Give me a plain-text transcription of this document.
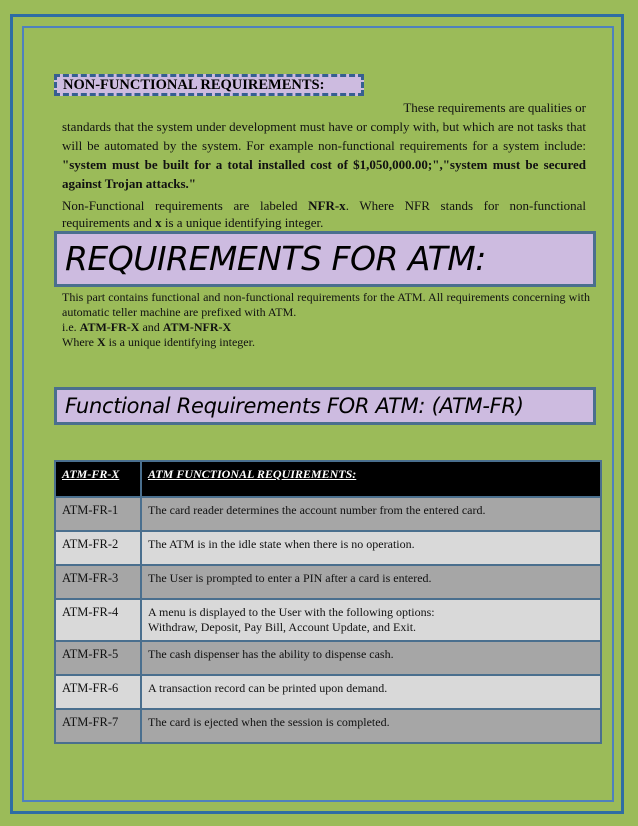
NON-FUNCTIONAL REQUIREMENTS:
These requirements are qualities or
standards that the system under development must have or comply with, but which are not tasks that will be automated by the system. For example non-functional requirements for a system include: "system must be built for a total installed cost of $1,050,000.00;","system must be secured against Trojan attacks."
Non-Functional requirements are labeled NFR-x. Where NFR stands for non-functional requirements and x is a unique identifying integer.
REQUIREMENTS FOR ATM:
This part contains functional and non-functional requirements for the ATM. All requirements concerning with automatic teller machine are prefixed with ATM.
i.e. ATM-FR-X and ATM-NFR-X
Where X is a unique identifying integer.
Functional Requirements FOR ATM: (ATM-FR)
ATM-FR-X	ATM FUNCTIONAL REQUIREMENTS:
ATM-FR-1	The card reader determines the account number from the entered card.
ATM-FR-2	The ATM is in the idle state when there is no operation.
ATM-FR-3	The User is prompted to enter a PIN after a card is entered.
ATM-FR-4	A menu is displayed to the User with the following options:
Withdraw, Deposit, Pay Bill, Account Update, and Exit.
ATM-FR-5	The cash dispenser has the ability to dispense cash.
ATM-FR-6	A transaction record can be printed upon demand.
ATM-FR-7	The card is ejected when the session is completed.
